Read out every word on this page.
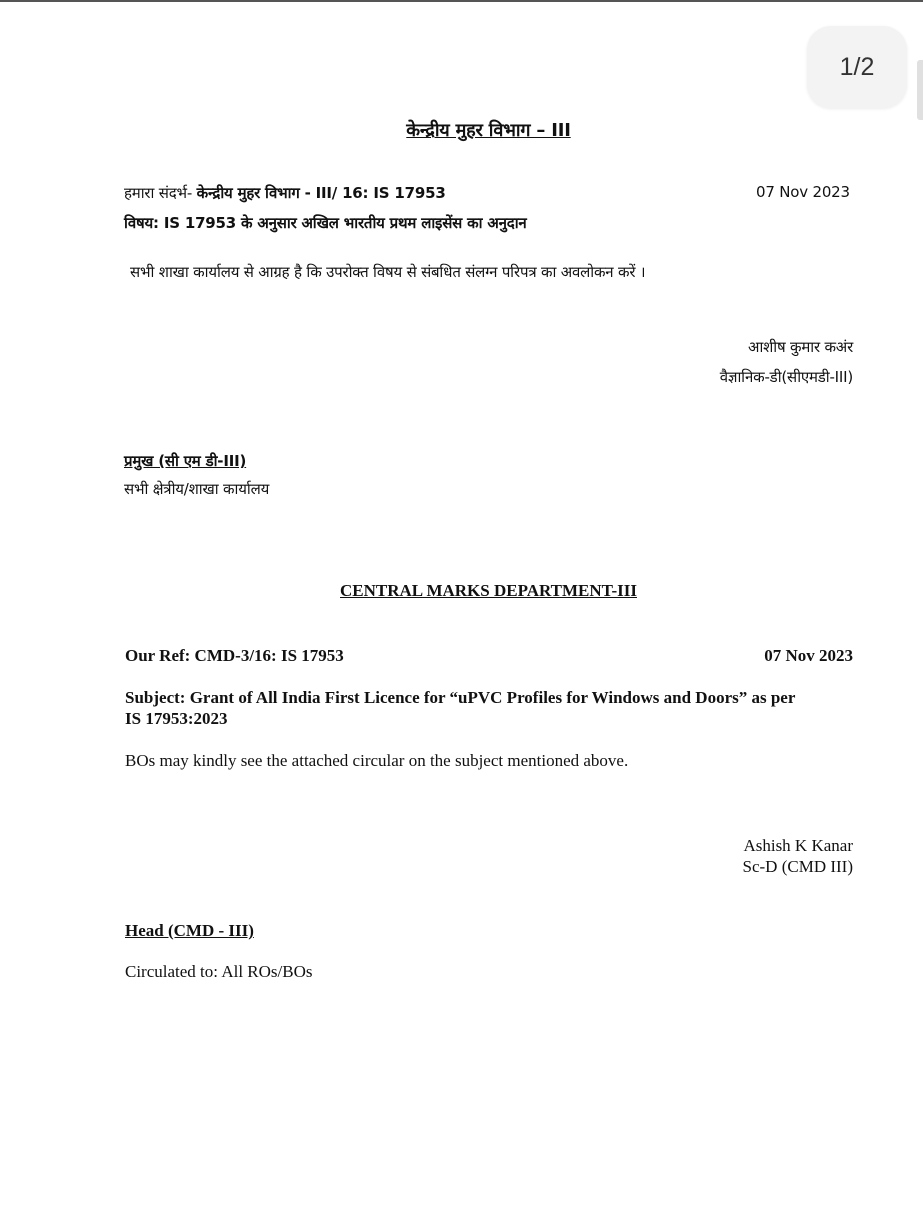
1/2
केन्द्रीय मुहर विभाग – III
हमारा संदर्भ- केन्द्रीय मुहर विभाग - III/ 16: IS 17953	07 Nov 2023
विषय: IS 17953 के अनुसार अखिल भारतीय प्रथम लाइसेंस का अनुदान
सभी शाखा कार्यालय से आग्रह है कि उपरोक्त विषय से संबधित संलग्न परिपत्र का अवलोकन करें ।
आशीष कुमार कअंर
वैज्ञानिक-डी(सीएमडी-III)
प्रमुख (सी एम डी-III)
सभी क्षेत्रीय/शाखा कार्यालय
CENTRAL MARKS DEPARTMENT-III
Our Ref: CMD-3/16: IS 17953	07 Nov 2023
Subject: Grant of All India First Licence for “uPVC Profiles for Windows and Doors” as per
IS 17953:2023
BOs may kindly see the attached circular on the subject mentioned above.
Ashish K Kanar
Sc-D (CMD III)
Head (CMD - III)
Circulated to: All ROs/BOs
